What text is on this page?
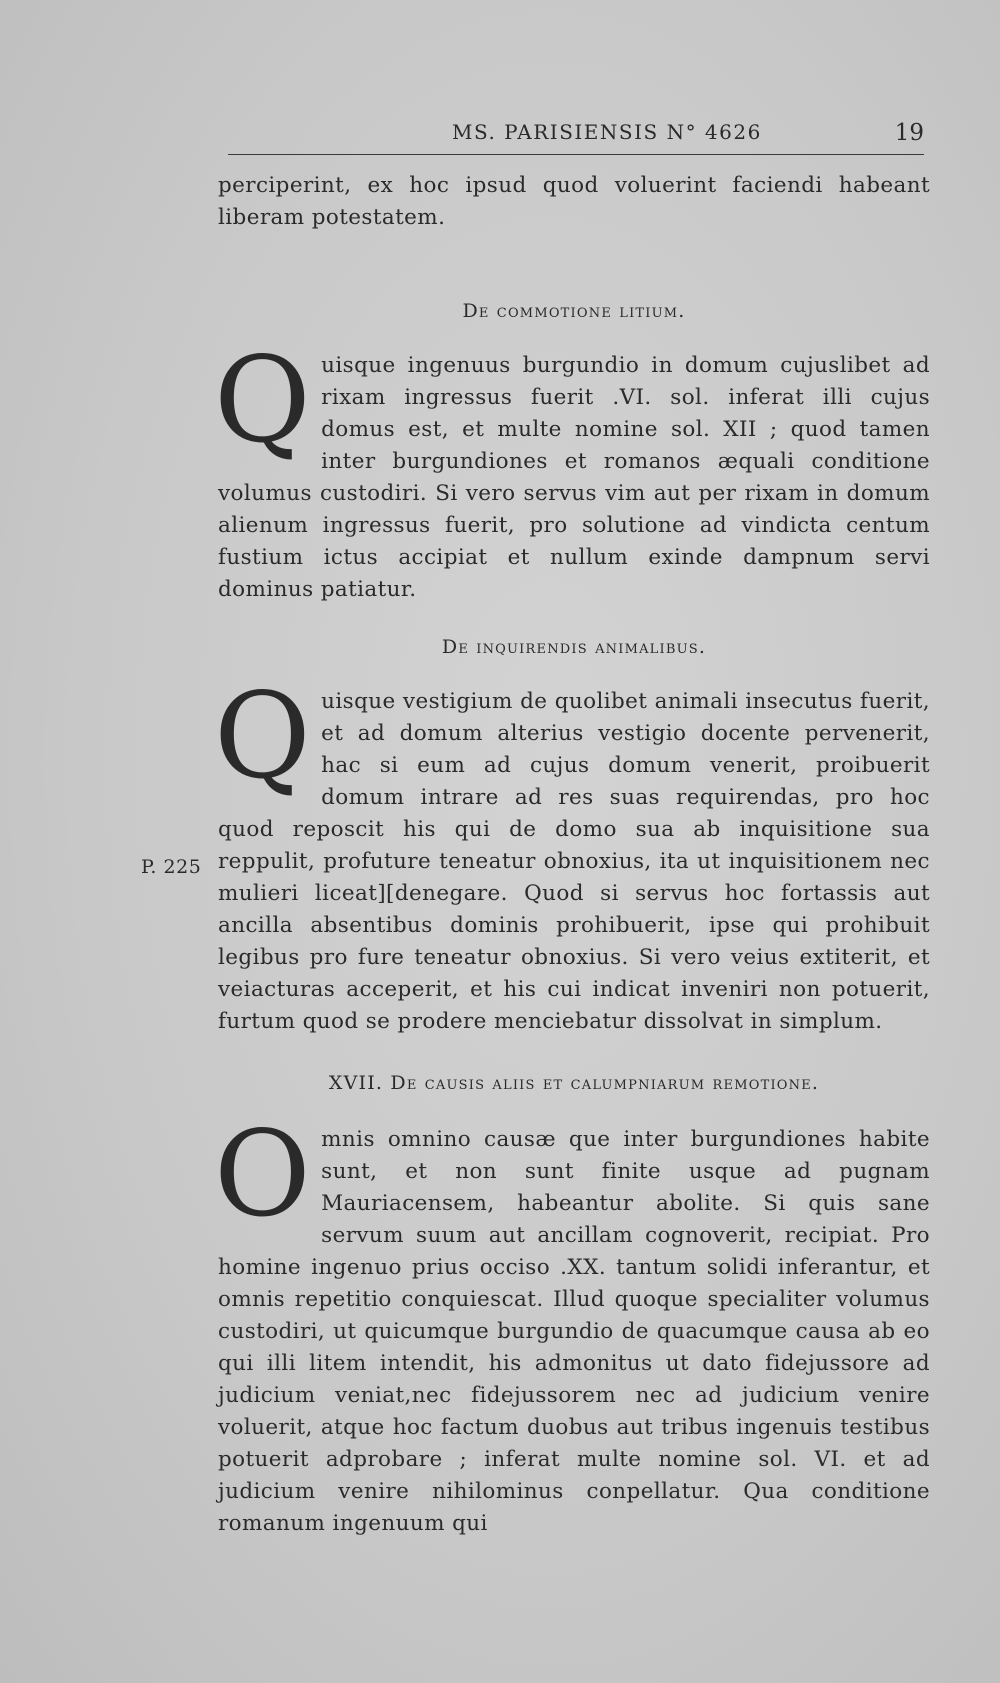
MS. PARISIENSIS N° 4626	19

perciperint, ex hoc ipsud quod voluerint faciendi habeant liberam potestatem.

De commotione litium.
Quisque ingenuus burgundio in domum cujuslibet ad rixam ingressus fuerit .VI. sol. inferat illi cujus domus est, et multe nomine sol. XII ; quod tamen inter burgundiones et romanos æquali conditione volumus custodiri. Si vero servus vim aut per rixam in domum alienum ingressus fuerit, pro solutione ad vindicta centum fustium ictus accipiat et nullum exinde dampnum servi dominus patiatur.
De inquirendis animalibus.
Quisque vestigium de quolibet animali insecutus fuerit, et ad domum alterius vestigio docente pervenerit, hac si eum ad cujus domum venerit, proibuerit domum intrare ad res suas requirendas, pro hoc quod reposcit his qui de domo sua ab inquisitione sua reppulit, profuture teneatur obnoxius, ita ut inquisitionem nec mulieri liceat][denegare. Quod si servus hoc fortassis aut ancilla absentibus dominis prohibuerit, ipse qui prohibuit legibus pro fure teneatur obnoxius. Si vero veius extiterit, et veiacturas acceperit, et his cui indicat inveniri non potuerit, furtum quod se prodere menciebatur dissolvat in simplum.
P. 225
XVII. De causis aliis et calumpniarum remotione.
Omnis omnino causæ que inter burgundiones habite sunt, et non sunt finite usque ad pugnam Mauriacensem, habeantur abolite. Si quis sane servum suum aut ancillam cognoverit, recipiat. Pro homine ingenuo prius occiso .XX. tantum solidi inferantur, et omnis repetitio conquiescat. Illud quoque specialiter volumus custodiri, ut quicumque burgundio de quacumque causa ab eo qui illi litem intendit, his admonitus ut dato fidejussore ad judicium veniat,nec fidejussorem nec ad judicium venire voluerit, atque hoc factum duobus aut tribus ingenuis testibus potuerit adprobare ; inferat multe nomine sol. VI. et ad judicium venire nihilominus conpellatur. Qua conditione romanum ingenuum qui
